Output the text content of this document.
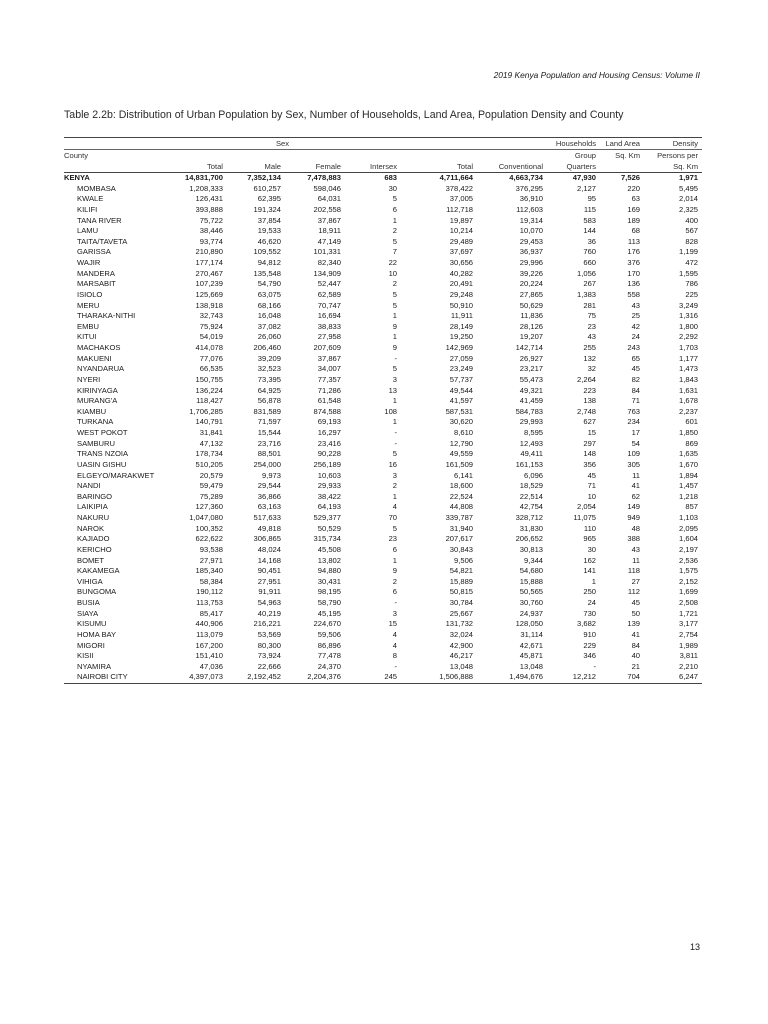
2019 Kenya Population and Housing Census: Volume II
Table 2.2b: Distribution of Urban Population by Sex, Number of Households, Land Area, Population Density and County
	Sex				Households			Land Area	Density
County							Group	Sq. Km	Persons per
	Total	Male	Female	Intersex	Total	Conventional	Quarters		Sq. Km
KENYA	14,831,700	7,352,134	7,478,883	683	4,711,664	4,663,734	47,930	7,526	1,971
MOMBASA	1,208,333	610,257	598,046	30	378,422	376,295	2,127	220	5,495
KWALE	126,431	62,395	64,031	5	37,005	36,910	95	63	2,014
KILIFI	393,888	191,324	202,558	6	112,718	112,603	115	169	2,325
TANA RIVER	75,722	37,854	37,867	1	19,897	19,314	583	189	400
LAMU	38,446	19,533	18,911	2	10,214	10,070	144	68	567
TAITA/TAVETA	93,774	46,620	47,149	5	29,489	29,453	36	113	828
GARISSA	210,890	109,552	101,331	7	37,697	36,937	760	176	1,199
WAJIR	177,174	94,812	82,340	22	30,656	29,996	660	376	472
MANDERA	270,467	135,548	134,909	10	40,282	39,226	1,056	170	1,595
MARSABIT	107,239	54,790	52,447	2	20,491	20,224	267	136	786
ISIOLO	125,669	63,075	62,589	5	29,248	27,865	1,383	558	225
MERU	138,918	68,166	70,747	5	50,910	50,629	281	43	3,249
THARAKA-NITHI	32,743	16,048	16,694	1	11,911	11,836	75	25	1,316
EMBU	75,924	37,082	38,833	9	28,149	28,126	23	42	1,800
KITUI	54,019	26,060	27,958	1	19,250	19,207	43	24	2,292
MACHAKOS	414,078	206,460	207,609	9	142,969	142,714	255	243	1,703
MAKUENI	77,076	39,209	37,867	-	27,059	26,927	132	65	1,177
NYANDARUA	66,535	32,523	34,007	5	23,249	23,217	32	45	1,473
NYERI	150,755	73,395	77,357	3	57,737	55,473	2,264	82	1,843
KIRINYAGA	136,224	64,925	71,286	13	49,544	49,321	223	84	1,631
MURANG'A	118,427	56,878	61,548	1	41,597	41,459	138	71	1,678
KIAMBU	1,706,285	831,589	874,588	108	587,531	584,783	2,748	763	2,237
TURKANA	140,791	71,597	69,193	1	30,620	29,993	627	234	601
WEST POKOT	31,841	15,544	16,297	-	8,610	8,595	15	17	1,850
SAMBURU	47,132	23,716	23,416	-	12,790	12,493	297	54	869
TRANS NZOIA	178,734	88,501	90,228	5	49,559	49,411	148	109	1,635
UASIN GISHU	510,205	254,000	256,189	16	161,509	161,153	356	305	1,670
ELGEYO/MARAKWET	20,579	9,973	10,603	3	6,141	6,096	45	11	1,894
NANDI	59,479	29,544	29,933	2	18,600	18,529	71	41	1,457
BARINGO	75,289	36,866	38,422	1	22,524	22,514	10	62	1,218
LAIKIPIA	127,360	63,163	64,193	4	44,808	42,754	2,054	149	857
NAKURU	1,047,080	517,633	529,377	70	339,787	328,712	11,075	949	1,103
NAROK	100,352	49,818	50,529	5	31,940	31,830	110	48	2,095
KAJIADO	622,622	306,865	315,734	23	207,617	206,652	965	388	1,604
KERICHO	93,538	48,024	45,508	6	30,843	30,813	30	43	2,197
BOMET	27,971	14,168	13,802	1	9,506	9,344	162	11	2,536
KAKAMEGA	185,340	90,451	94,880	9	54,821	54,680	141	118	1,575
VIHIGA	58,384	27,951	30,431	2	15,889	15,888	1	27	2,152
BUNGOMA	190,112	91,911	98,195	6	50,815	50,565	250	112	1,699
BUSIA	113,753	54,963	58,790	-	30,784	30,760	24	45	2,508
SIAYA	85,417	40,219	45,195	3	25,667	24,937	730	50	1,721
KISUMU	440,906	216,221	224,670	15	131,732	128,050	3,682	139	3,177
HOMA BAY	113,079	53,569	59,506	4	32,024	31,114	910	41	2,754
MIGORI	167,200	80,300	86,896	4	42,900	42,671	229	84	1,989
KISII	151,410	73,924	77,478	8	46,217	45,871	346	40	3,811
NYAMIRA	47,036	22,666	24,370	-	13,048	13,048	-	21	2,210
NAIROBI CITY	4,397,073	2,192,452	2,204,376	245	1,506,888	1,494,676	12,212	704	6,247
13
